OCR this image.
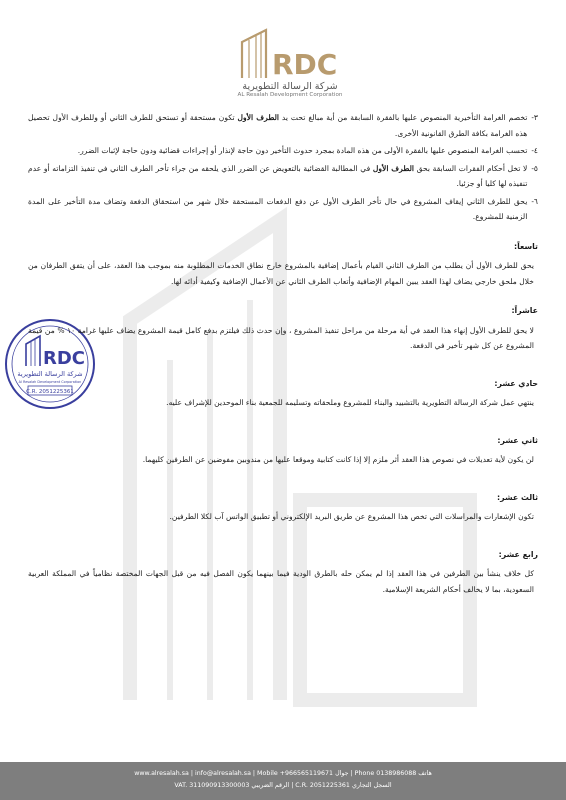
RDC
شركة الرسالة التطويرية
AL Resalah Development Corporation
RDC
شركة الرسالة التطويرية
Al Resalah Development Corporation
C.R. 2051225361
٣-
تخصم الغرامة التأخيرية المنصوص عليها بالفقرة السابقة من أية مبالغ تحت يد الطرف الأول تكون مستحقة أو تستحق للطرف الثاني أو وللطرف الأول تحصيل هذه الغرامة بكافة الطرق القانونية الأخرى.
٤-
تحسب الغرامة المنصوص عليها بالفقرة الأولى من هذه المادة بمجرد حدوث التأخير دون حاجة لإنذار أو إجراءات قضائية ودون حاجة لإثبات الضرر.
٥-
لا تخل أحكام الفقرات السابقة بحق الطرف الأول في المطالبة القضائية بالتعويض عن الضرر الذي يلحقه من جراء تأخر الطرف الثاني في تنفيذ التزاماته أو عدم تنفيذه لها كليا أو جزئيا.
٦-
يحق للطرف الثاني إيقاف المشروع في حال تأخر الطرف الأول عن دفع الدفعات المستحقة خلال شهر من استحقاق الدفعة وتضاف مدة التأخير على المدة الزمنية للمشروع.
تاسعاً:
يحق للطرف الأول أن يطلب من الطرف الثاني القيام بأعمال إضافية بالمشروع خارج نطاق الخدمات المطلوبة منه بموجب هذا العقد، على أن يتفق الطرفان من خلال ملحق خارجي يضاف لهذا العقد يبين المهام الإضافية وأتعاب الطرف الثاني عن الأعمال الإضافية وكيفية أدائه لها.
عاشراً:
لا يحق للطرف الأول إنهاء هذا العقد في أية مرحلة من مراحل تنفيذ المشروع ، وإن حدث ذلك فيلتزم بدفع كامل قيمة المشروع يضاف عليها غرامة ١٠ % من قيمة المشروع عن كل شهر تأخير في الدفعة.
حادي عشر:
ينتهي عمل شركة الرسالة التطويرية بالتشييد والبناء للمشروع وملحقاته وتسليمه للجمعية بناء الموحدين للإشراف عليه.
ثاني عشر:
لن يكون لأية تعديلات في نصوص هذا العقد أثر ملزم إلا إذا كانت كتابية وموقعا عليها من مندوبين مفوضين عن الطرفين كليهما.
ثالث عشر:
تكون الإشعارات والمراسلات التي تخص هذا المشروع عن طريق البريد الإلكتروني أو تطبيق الواتس آب لكلا الطرفين.
رابع عشر:
كل خلاف ينشأ بين الطرفين في هذا العقد إذا لم يمكن حله بالطرق الودية فيما بينهما يكون الفصل فيه من قبل الجهات المختصة نظامياً في المملكة العربية السعودية، بما لا يخالف أحكام الشريعة الإسلامية.
www.alresalah.sa | info@alresalah.sa | Mobile +966565119671 جوال | Phone 0138986088 هاتف
VAT. 311090913300003 الرقم الضريبي | C.R. 2051225361 السجل التجاري
